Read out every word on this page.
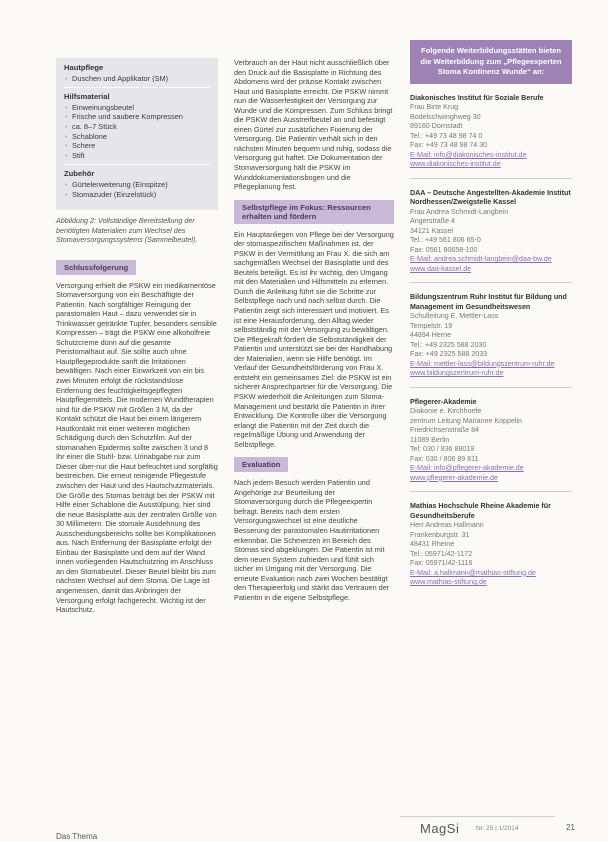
Hautpflege
• Duschen und Applikator (SM)
Hilfsmaterial
• Einweinungsbeutel
• Frische und saubere Kompressen
• ca. 8–7 Stück
• Schablone
• Schere
• Stift
Zubehör
• Gürtelerweiterung (Einspitze)
• Stomazuder (Einzelstück)

Abbildung 2: Vollständige Bereitstellung der benötigten Materialien zum Wechsel des Stomaversorgungssystems (Sammelbeutel).

Schlussfolgerung

Versorgung erhielt die PSKW ein medikamentöse Stomaversorgung von ein Beschäftigte der Patientin. Nach sorgfältiger Reinigung der parastomalen Haut – dazu verwendet sie in Trinkwasser getränkte Tupfer, besonders sensible Kompressen – trägt die PSKW eine alkoholfreie Schutzcreme dünn auf die gesamte Peristomalhaut auf. Sie sollte auch ohne Hautpflegeprodukte sanft die Irritationen bewältigen. Nach einer Einwirkzeit von ein bis zwei Minuten erfolgt die rückstandslose Entfernung des feuchtigkeitsgepflegten Hautpflegemittels. Die modernen Wundtherapien sind für die PSKW mit Größen 3 M, da der Kontakt schützt die Haut bei einem längerem Hautkontakt mit einer weiteren möglichen Schädigung durch den Schutzfilm. Auf der stomanahen Epidermis sollte zwischen 3 und 8 Ihr einer die Stuhl- bzw. Urinabgabe nur zum Dieser über-nur die Haut befeuchtet und sorgfältig bestreichen. Die erneut reinigende Pflegestufe zwischen der Haut und des Hautschutzmaterials. Die Größe des Stomas beträgt bei der PSKW mit Hilfe einer Schablone die Ausstülpung, hier sind die neue Basisplatte aus der zentralen Größe von 30 Millimetern. Die stomale Ausdehnung des Ausscheidungsbereichs sollte bei Komplikationen aus. Nach Entfernung der Basisplatte erfolgt der Einbau der Basisplatte und dem auf der Wand innen vorliegenden Hautschutzring im Anschluss an den Stomabeutel. Dieser Beutel bleibt bis zum nächsten Wechsel auf dem Stoma. Die Lage ist angemessen, damit das Anbringen der Versorgung erfolgt fachgerecht. Wichtig ist der Hautschutz.

Verbrauch an der Haut nicht ausschließlich über den Druck auf die Basisplatte in Richtung des Abdomens wird der präzise Kontakt zwischen Haut und Basisplatte erreicht. Die PSKW nimmt nun die Wasserfestigkeit der Versorgung zur Wunde und die Kompressen. Zum Schluss bringt die PSKW den Ausstreifbeutel an und befestigt einen Gürtel zur zusätzlichen Fixierung der Versorgung. Die Patientin verhält sich in den nächsten Minuten bequem und ruhig, sodass die Versorgung gut haftet. Die Dokumentation der Stomaversorgung hält die PSKW im Wunddokumentationsbogen und die Pflegeplanung fest.

Selbstpflege im Fokus: Ressourcen erhalten und fördern

Ein Hauptanliegen von Pflege bei der Versorgung der stomaspezifischen Maßnahmen ist, der PSKW in der Vermittlung an Frau X. die sich am sachgemäßen Wechsel der Basisplatte und des Beutels beteiligt. Es ist ihr wichtig, den Umgang mit den Materialien und Hilfsmitteln zu erlernen. Durch die Anleitung führt sie die Schritte zur Selbstpflege nach und nach selbst durch. Die Patientin zeigt sich interessiert und motiviert. Es ist eine Herausforderung, den Alltag wieder selbstständig mit der Versorgung zu bewältigen. Die Pflegekraft fördert die Selbstständigkeit der Patientin und unterstützt sie bei der Handhabung der Materialien, wenn sie Hilfe benötigt. Im Verlauf der Gesundheitsförderung von Frau X. entsteht ein gemeinsames Ziel: die PSKW ist ein sicherer Ansprechpartner für die Versorgung. Die PSKW wiederholt die Anleitungen zum Stoma-Management und bestärkt die Patientin in ihrer Entwicklung. Die Kontrolle über die Versorgung erlangt die Patientin mit der Zeit durch die regelmäßige Übung und Anwendung der Selbstpflege.

Evaluation

Nach jedem Besuch werden Patientin und Angehörige zur Beurteilung der Stomaversorgung durch die Pflegeexpertin befragt. Bereits nach dem ersten Versorgungswechsel ist eine deutliche Besserung der parastomalen Hautirritationen erkennbar. Die Schmerzen im Bereich des Stomas sind abgeklungen. Die Patientin ist mit dem neuen System zufrieden und fühlt sich sicher im Umgang mit der Versorgung. Die erneute Evaluation nach zwei Wochen bestätigt den Therapieerfolg und stärkt das Vertrauen der Patientin in die eigene Selbstpflege.

Folgende Weiterbildungsstätten bieten die Weiterbildung zum „Pflegeexperten Stoma Kontinenz Wunde“ an:
Diakonisches Institut für Soziale Berufe
Frau Birte Krug
Bodelschwinghweg 30
89160 Dornstadt
Tel.: +49 73 48 98 74 0
Fax: +49 73 48 98 74 30
E-Mail: info@diakonisches-institut.de
www.diakonisches-institut.de
DAA – Deutsche Angestellten-Akademie Institut Nordhessen/Zweigstelle Kassel
Frau Andrea Schmidt-Langbein
Angerstraße 4
34121 Kassel
Tel.: +49 561 806 65-0
Fax: 0561 80658-100
E-Mail: andrea.schmidt-langbein@daa-bw.de
www.daa-kassel.de
Bildungszentrum Ruhr Institut für Bildung und Management im Gesundheitswesen
Schulleitung E. Mettler-Lass
Tempelstr. 19
44894 Herne
Tel.: +49 2325 588 2030
Fax: +49 2325 588 2033
E-Mail: mettler-lass@bildungszentrum-ruhr.de
www.bildungszentrum-ruhr.de
Pflegerer-Akademie
Diakonie e. Kirchhoefe
zentrum Leitung Marianne Koppelin
Friedrichsenstraße 84
11089 Berlin
Tel: 030 / 836 88019
Fax: 030 / 806 89 811
E-Mail: info@pflegerer-akademie.de
www.pflegerer-akademie.de
Mathias Hochschule Rheine Akademie für Gesundheitsberufe
Herr Andreas Hallmann
Frankenburgstr. 31
48431 Rheine
Tel.: 05971/42-1172
Fax: 05971/42-1116
E-Mail: a.hallmann@mathias-stiftung.de
www.mathias-stiftung.de
Das Thema
MagSi	Nr. 25 | 1/2014	21
